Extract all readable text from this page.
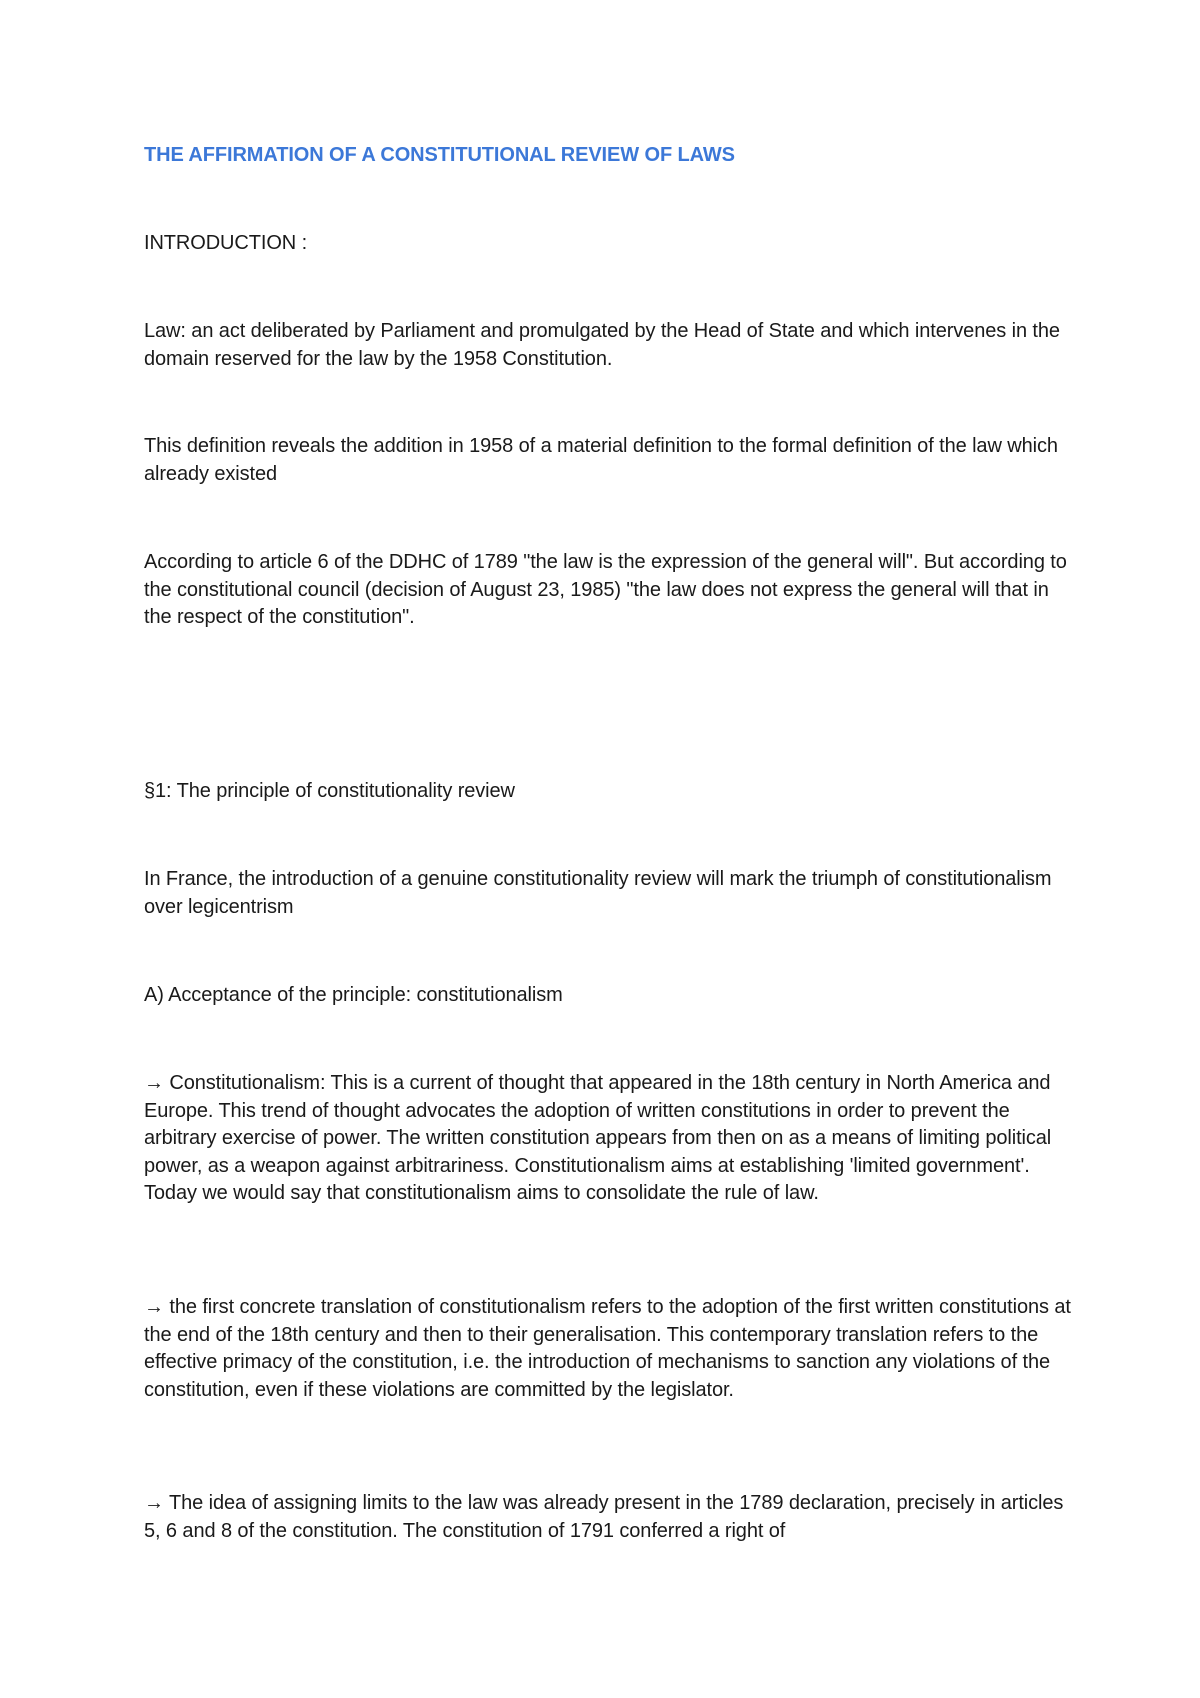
THE AFFIRMATION OF A CONSTITUTIONAL REVIEW OF LAWS

INTRODUCTION :

Law: an act deliberated by Parliament and promulgated by the Head of State and which intervenes in the domain reserved for the law by the 1958 Constitution.

This definition reveals the addition in 1958 of a material definition to the formal definition of the law which already existed

According to article 6 of the DDHC of 1789 "the law is the expression of the general will". But according to the constitutional council (decision of August 23, 1985) "the law does not express the general will that in the respect of the constitution".

§1: The principle of constitutionality review

In France, the introduction of a genuine constitutionality review will mark the triumph of constitutionalism over legicentrism

A) Acceptance of the principle: constitutionalism

→ Constitutionalism: This is a current of thought that appeared in the 18th century in North America and Europe. This trend of thought advocates the adoption of written constitutions in order to prevent the arbitrary exercise of power. The written constitution appears from then on as a means of limiting political power, as a weapon against arbitrariness. Constitutionalism aims at establishing 'limited government'. Today we would say that constitutionalism aims to consolidate the rule of law.

→ the first concrete translation of constitutionalism refers to the adoption of the first written constitutions at the end of the 18th century and then to their generalisation. This contemporary translation refers to the effective primacy of the constitution, i.e. the introduction of mechanisms to sanction any violations of the constitution, even if these violations are committed by the legislator.

→ The idea of assigning limits to the law was already present in the 1789 declaration, precisely in articles 5, 6 and 8 of the constitution. The constitution of 1791 conferred a right of
